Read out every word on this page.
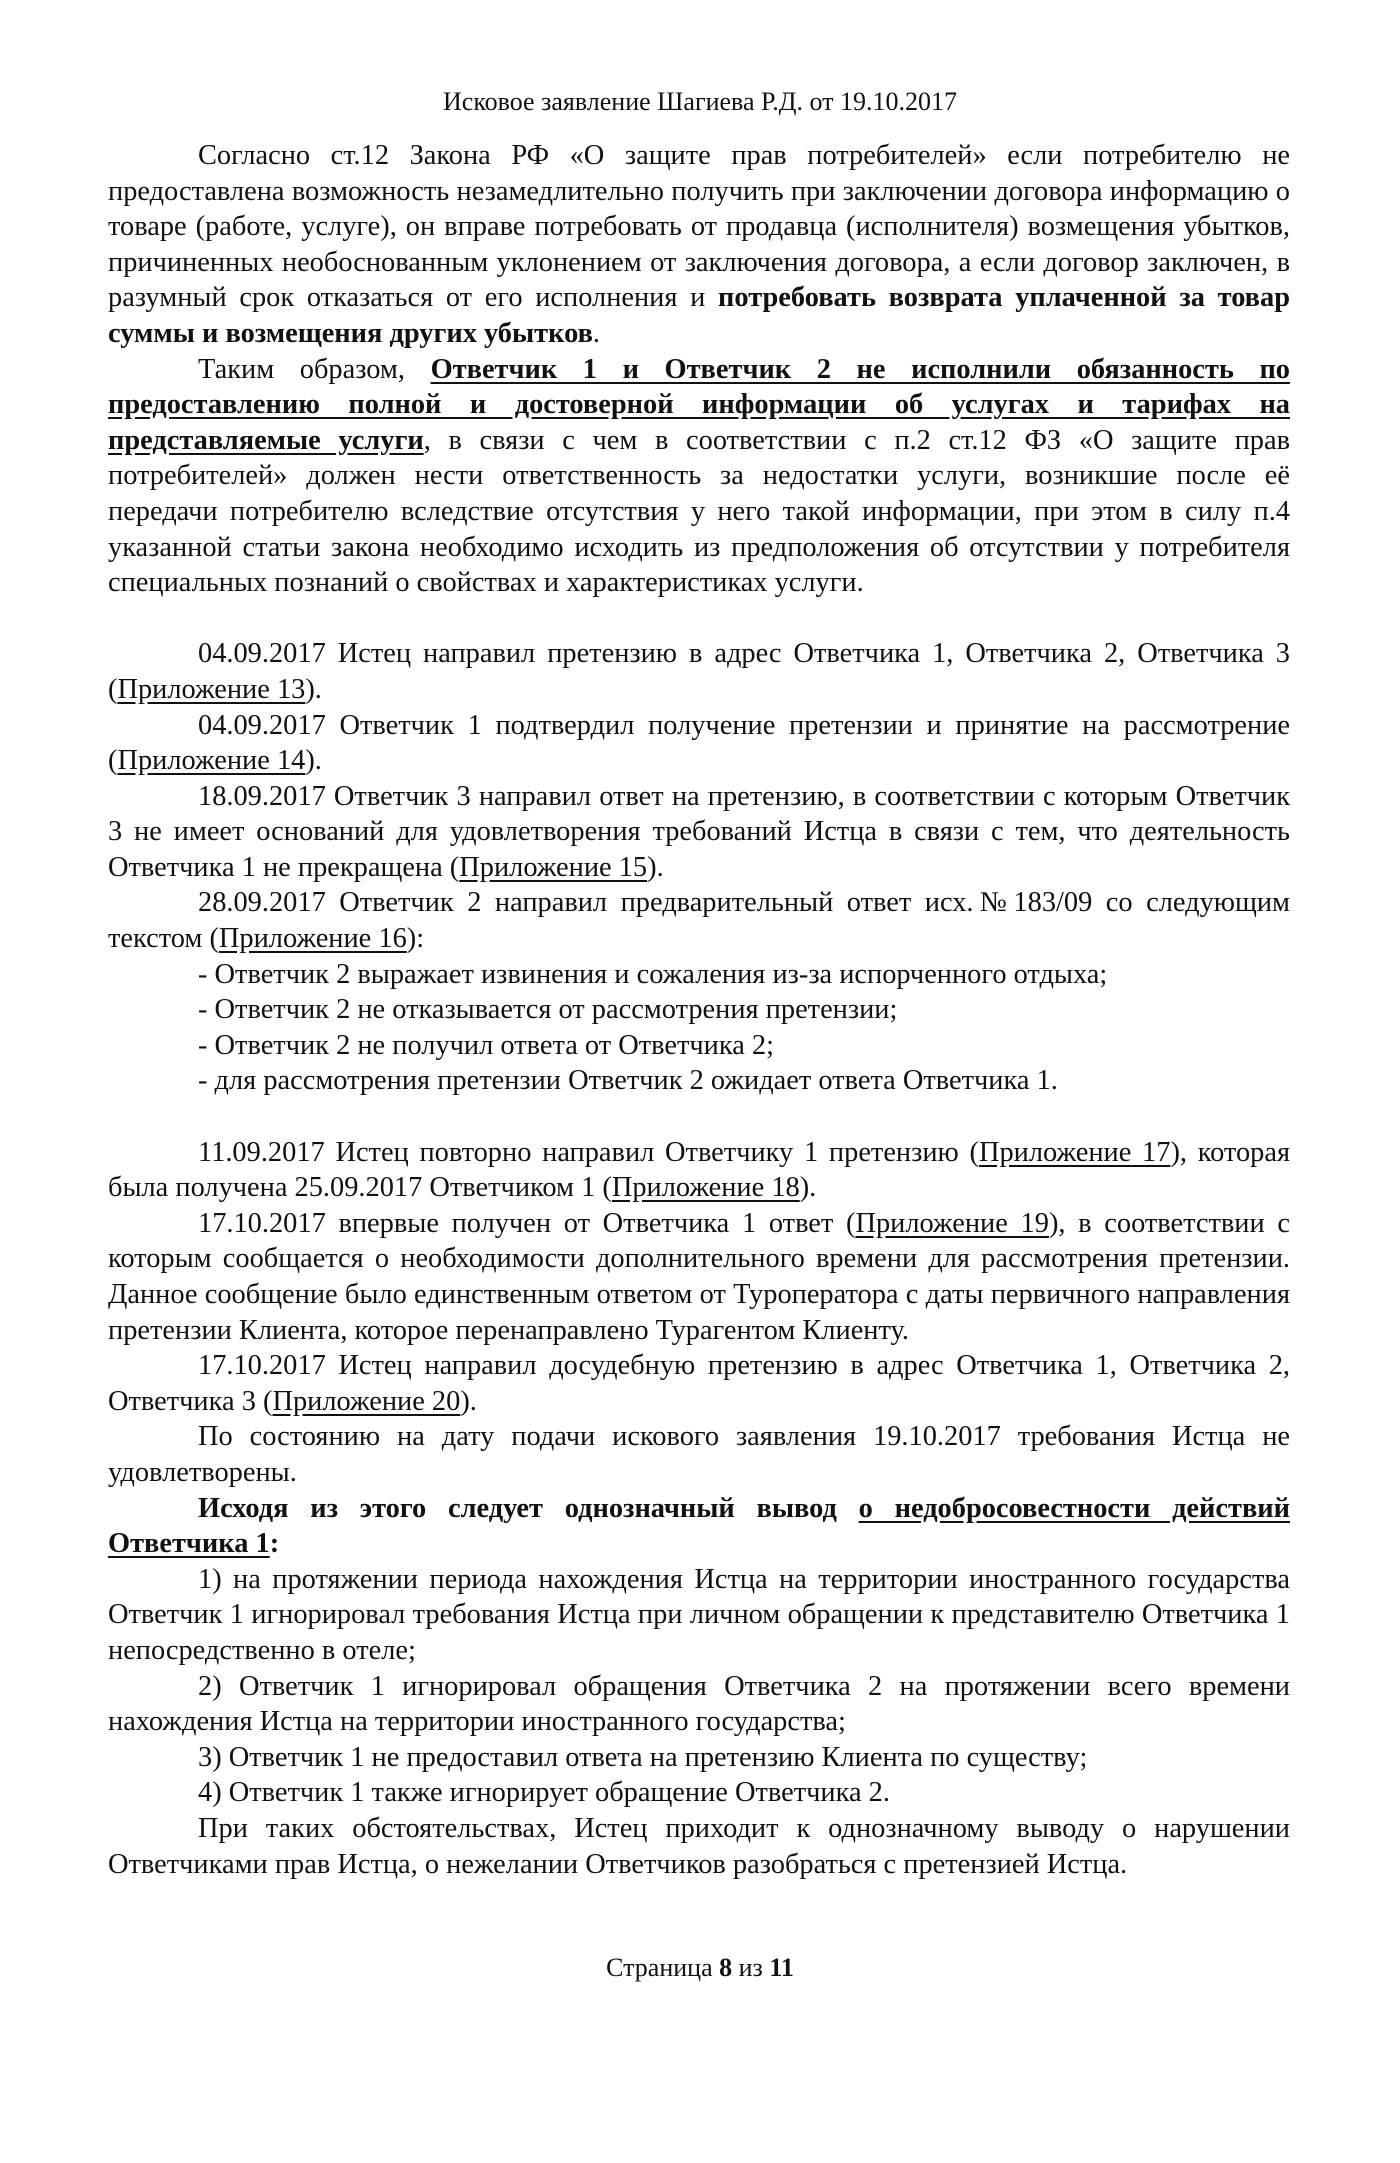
Исковое заявление Шагиева Р.Д. от 19.10.2017

Согласно ст.12 Закона РФ «О защите прав потребителей» если потребителю не предоставлена возможность незамедлительно получить при заключении договора информацию о товаре (работе, услуге), он вправе потребовать от продавца (исполнителя) возмещения убытков, причиненных необоснованным уклонением от заключения договора, а если договор заключен, в разумный срок отказаться от его исполнения и потребовать возврата уплаченной за товар суммы и возмещения других убытков.

Таким образом, Ответчик 1 и Ответчик 2 не исполнили обязанность по предоставлению полной и достоверной информации об услугах и тарифах на представляемые услуги, в связи с чем в соответствии с п.2 ст.12 ФЗ «О защите прав потребителей» должен нести ответственность за недостатки услуги, возникшие после её передачи потребителю вследствие отсутствия у него такой информации, при этом в силу п.4 указанной статьи закона необходимо исходить из предположения об отсутствии у потребителя специальных познаний о свойствах и характеристиках услуги.

04.09.2017 Истец направил претензию в адрес Ответчика 1, Ответчика 2, Ответчика 3 (Приложение 13).

04.09.2017 Ответчик 1 подтвердил получение претензии и принятие на рассмотрение (Приложение 14).

18.09.2017 Ответчик 3 направил ответ на претензию, в соответствии с которым Ответчик 3 не имеет оснований для удовлетворения требований Истца в связи с тем, что деятельность Ответчика 1 не прекращена (Приложение 15).

28.09.2017 Ответчик 2 направил предварительный ответ исх.№183/09 со следующим текстом (Приложение 16):

- Ответчик 2 выражает извинения и сожаления из-за испорченного отдыха;

- Ответчик 2 не отказывается от рассмотрения претензии;

- Ответчик 2 не получил ответа от Ответчика 2;

- для рассмотрения претензии Ответчик 2 ожидает ответа Ответчика 1.

11.09.2017 Истец повторно направил Ответчику 1 претензию (Приложение 17), которая была получена 25.09.2017 Ответчиком 1 (Приложение 18).

17.10.2017 впервые получен от Ответчика 1 ответ (Приложение 19), в соответствии с которым сообщается о необходимости дополнительного времени для рассмотрения претензии. Данное сообщение было единственным ответом от Туроператора с даты первичного направления претензии Клиента, которое перенаправлено Турагентом Клиенту.

17.10.2017 Истец направил досудебную претензию в адрес Ответчика 1, Ответчика 2, Ответчика 3 (Приложение 20).

По состоянию на дату подачи искового заявления 19.10.2017 требования Истца не удовлетворены.

Исходя из этого следует однозначный вывод о недобросовестности действий Ответчика 1:

1) на протяжении периода нахождения Истца на территории иностранного государства Ответчик 1 игнорировал требования Истца при личном обращении к представителю Ответчика 1 непосредственно в отеле;

2) Ответчик 1 игнорировал обращения Ответчика 2 на протяжении всего времени нахождения Истца на территории иностранного государства;

3) Ответчик 1 не предоставил ответа на претензию Клиента по существу;

4) Ответчик 1 также игнорирует обращение Ответчика 2.

При таких обстоятельствах, Истец приходит к однозначному выводу о нарушении Ответчиками прав Истца, о нежелании Ответчиков разобраться с претензией Истца.

Страница 8 из 11
